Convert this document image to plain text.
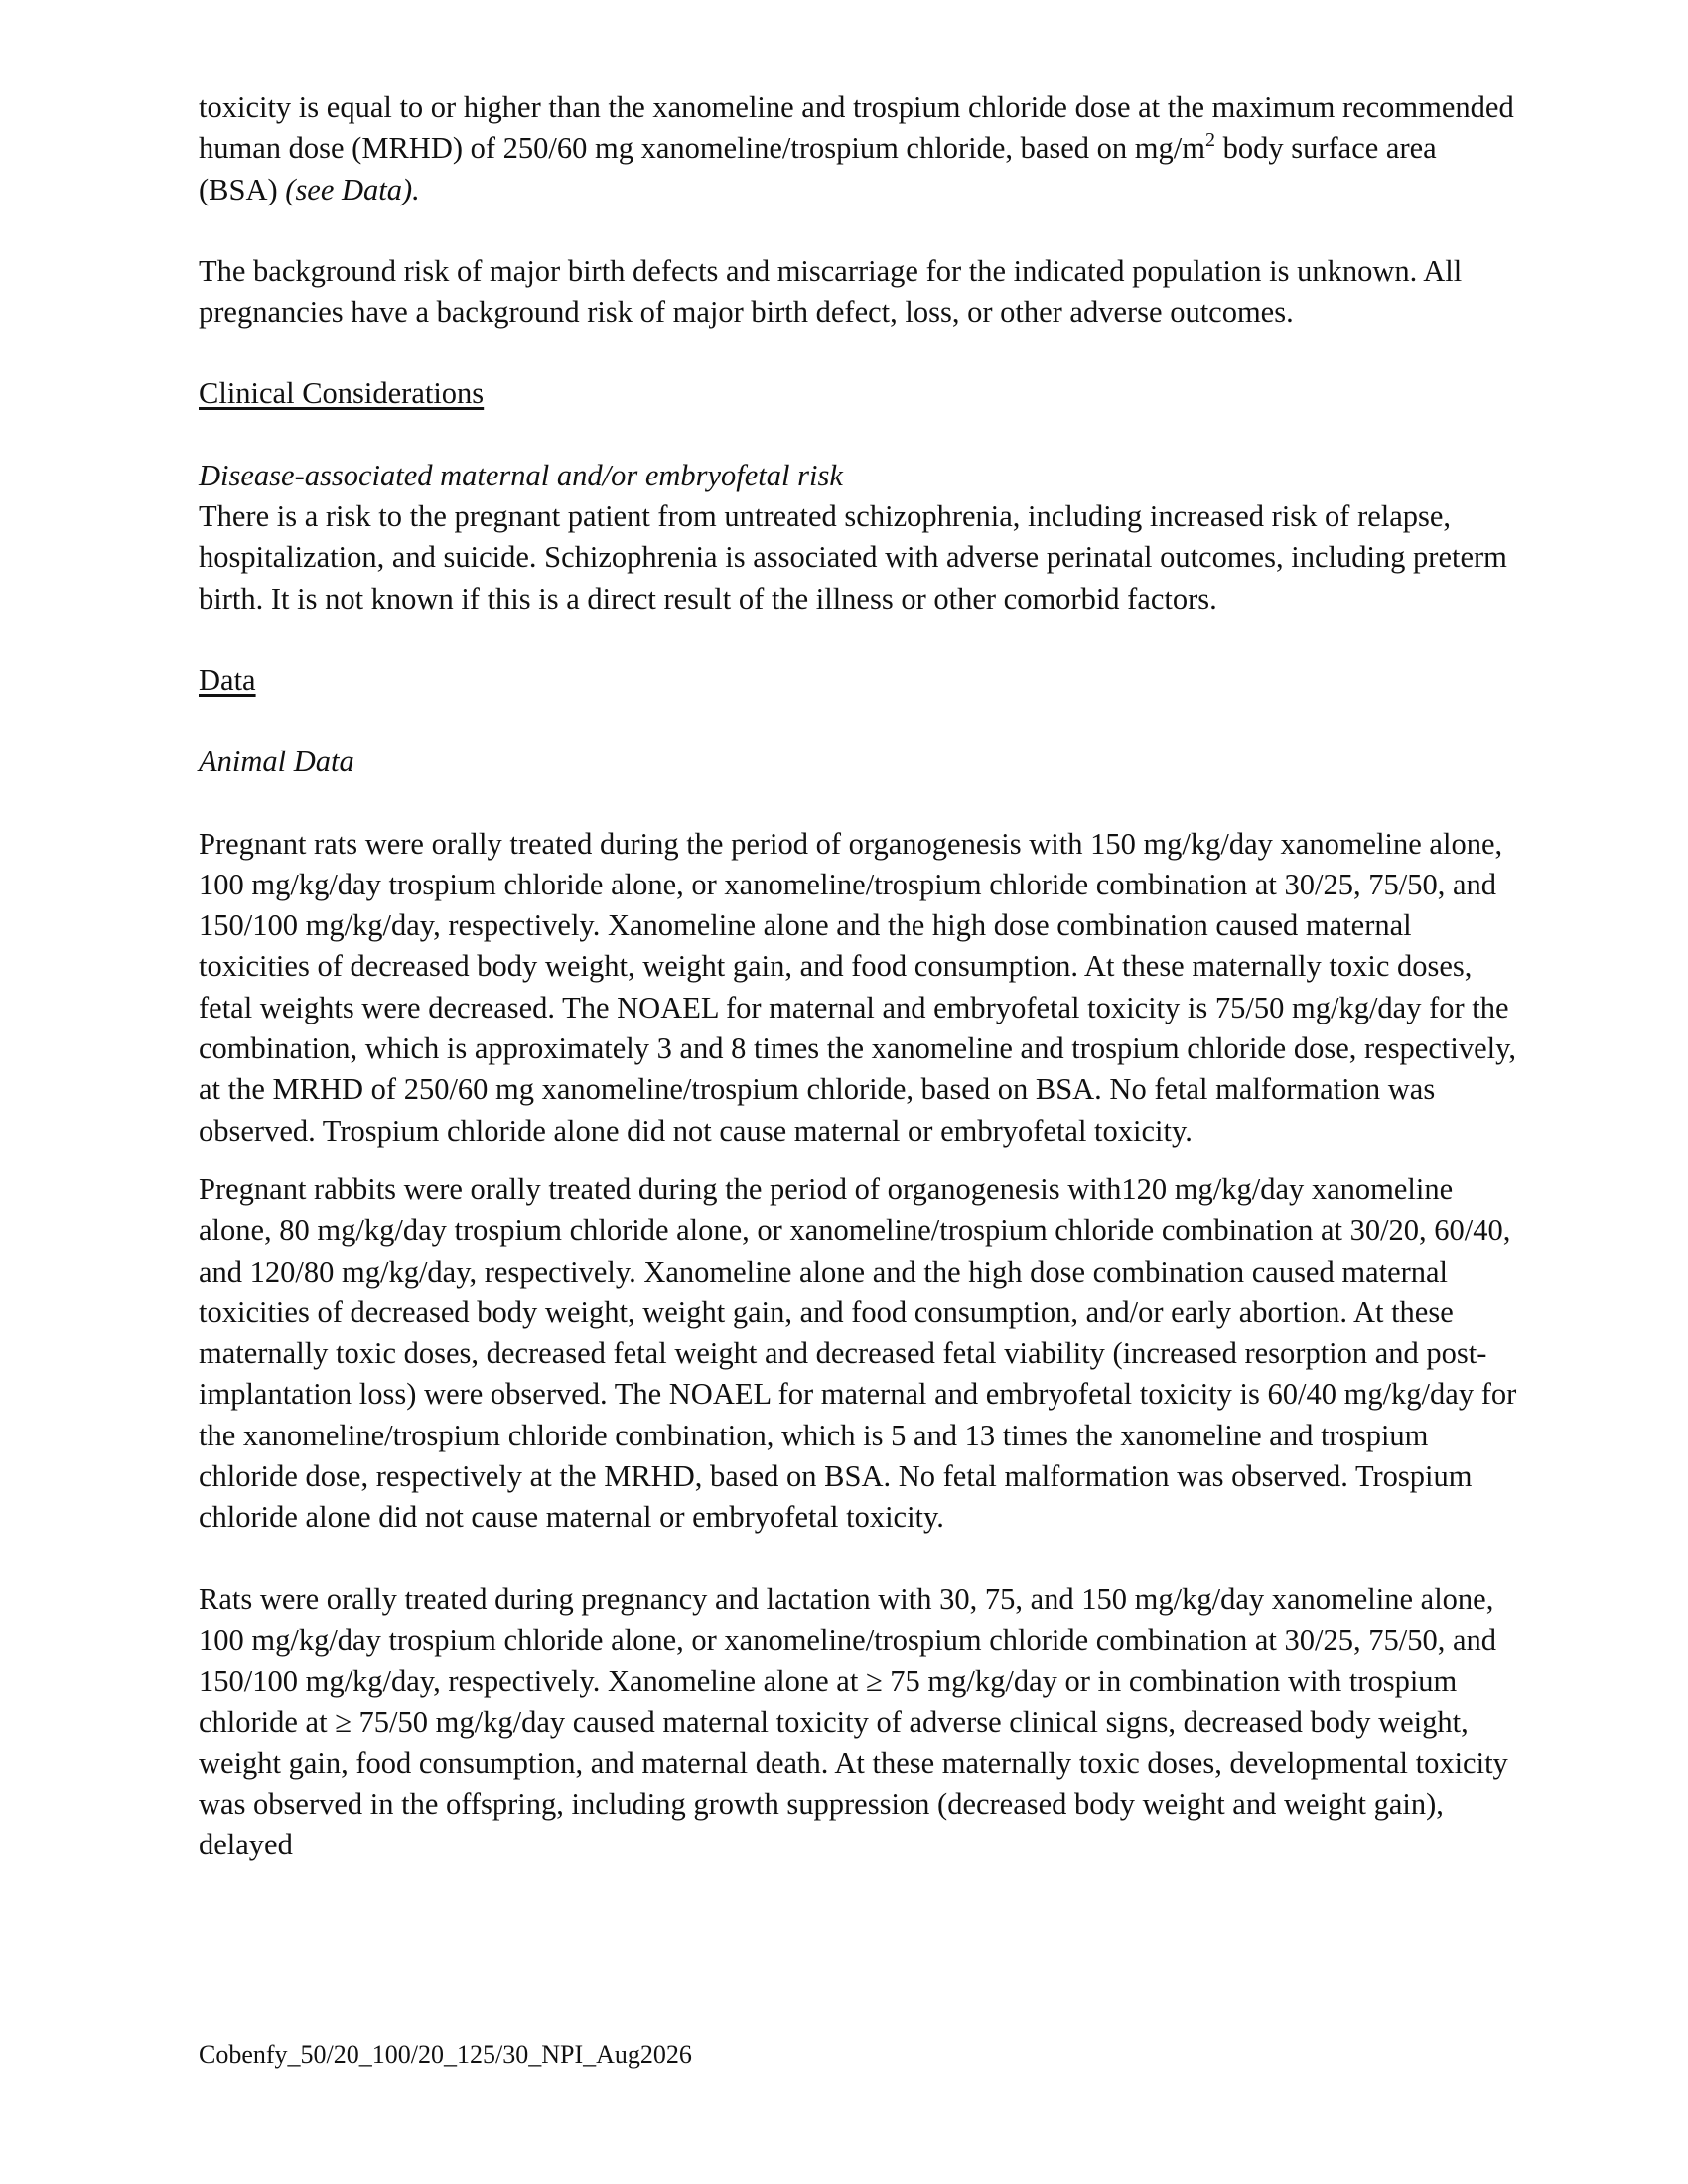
toxicity is equal to or higher than the xanomeline and trospium chloride dose at the maximum recommended human dose (MRHD) of 250/60 mg xanomeline/trospium chloride, based on $mg/m^2$ body surface area (BSA) (see Data).

The background risk of major birth defects and miscarriage for the indicated population is unknown. All pregnancies have a background risk of major birth defect, loss, or other adverse outcomes.

Clinical Considerations

Disease-associated maternal and/or embryofetal risk

There is a risk to the pregnant patient from untreated schizophrenia, including increased risk of relapse, hospitalization, and suicide. Schizophrenia is associated with adverse perinatal outcomes, including preterm birth. It is not known if this is a direct result of the illness or other comorbid factors.

Data

Animal Data

Pregnant rats were orally treated during the period of organogenesis with 150 mg/kg/day xanomeline alone, 100 mg/kg/day trospium chloride alone, or xanomeline/trospium chloride combination at 30/25, 75/50, and 150/100 mg/kg/day, respectively. Xanomeline alone and the high dose combination caused maternal toxicities of decreased body weight, weight gain, and food consumption. At these maternally toxic doses, fetal weights were decreased. The NOAEL for maternal and embryofetal toxicity is 75/50 mg/kg/day for the combination, which is approximately 3 and 8 times the xanomeline and trospium chloride dose, respectively, at the MRHD of 250/60 mg xanomeline/trospium chloride, based on BSA. No fetal malformation was observed. Trospium chloride alone did not cause maternal or embryofetal toxicity.

Pregnant rabbits were orally treated during the period of organogenesis with120 mg/kg/day xanomeline alone, 80 mg/kg/day trospium chloride alone, or xanomeline/trospium chloride combination at 30/20, 60/40, and 120/80 mg/kg/day, respectively. Xanomeline alone and the high dose combination caused maternal toxicities of decreased body weight, weight gain, and food consumption, and/or early abortion. At these maternally toxic doses, decreased fetal weight and decreased fetal viability (increased resorption and post-implantation loss) were observed. The NOAEL for maternal and embryofetal toxicity is 60/40 mg/kg/day for the xanomeline/trospium chloride combination, which is 5 and 13 times the xanomeline and trospium chloride dose, respectively at the MRHD, based on BSA. No fetal malformation was observed. Trospium chloride alone did not cause maternal or embryofetal toxicity.

Rats were orally treated during pregnancy and lactation with 30, 75, and 150 mg/kg/day xanomeline alone, 100 mg/kg/day trospium chloride alone, or xanomeline/trospium chloride combination at 30/25, 75/50, and 150/100 mg/kg/day, respectively. Xanomeline alone at ≥ 75 mg/kg/day or in combination with trospium chloride at ≥ 75/50 mg/kg/day caused maternal toxicity of adverse clinical signs, decreased body weight, weight gain, food consumption, and maternal death. At these maternally toxic doses, developmental toxicity was observed in the offspring, including growth suppression (decreased body weight and weight gain), delayed

Cobenfy_50/20_100/20_125/30_NPI_Aug2026
